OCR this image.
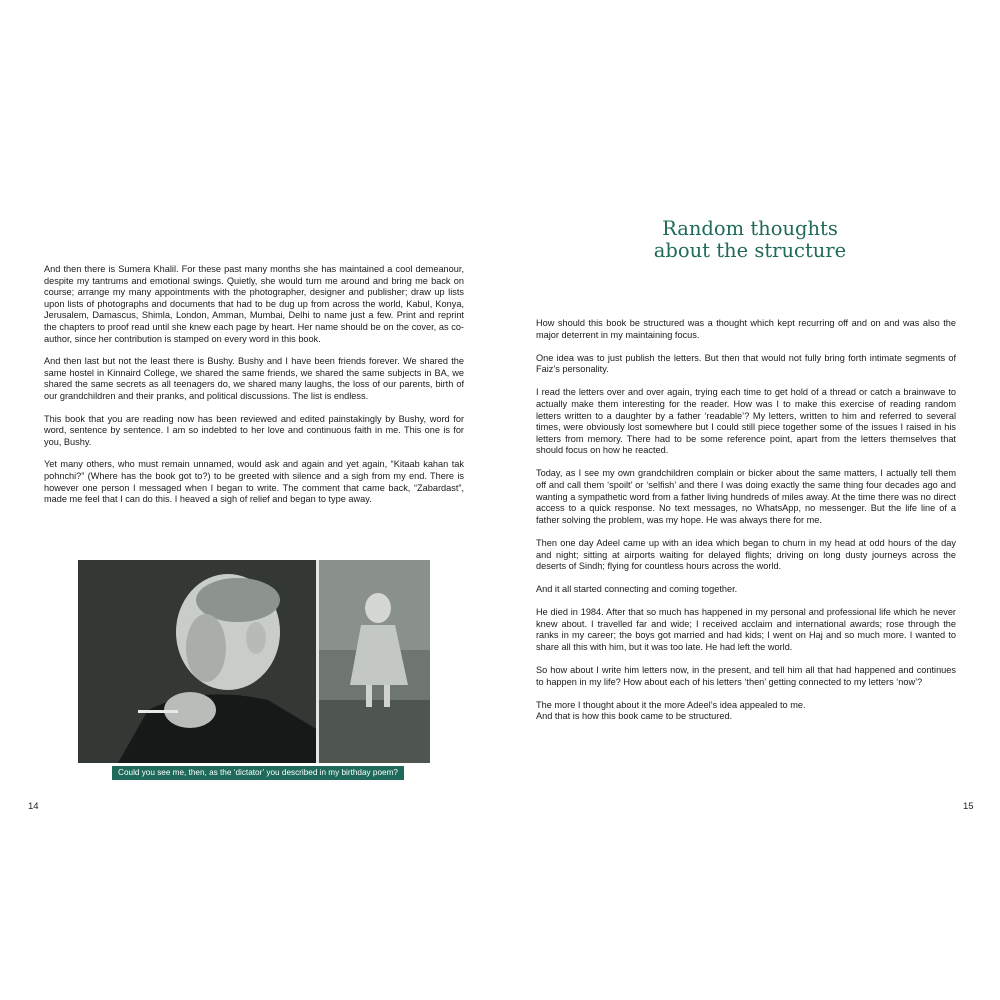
And then there is Sumera Khalil. For these past many months she has maintained a cool demeanour, despite my tantrums and emotional swings. Quietly, she would turn me around and bring me back on course; arrange my many appointments with the photographer, designer and publisher; draw up lists upon lists of photographs and documents that had to be dug up from across the world, Kabul, Konya, Jerusalem, Damascus, Shimla, London, Amman, Mumbai, Delhi to name just a few. Print and reprint the chapters to proof read until she knew each page by heart. Her name should be on the cover, as co-author, since her contribution is stamped on every word in this book.

And then last but not the least there is Bushy. Bushy and I have been friends forever. We shared the same hostel in Kinnaird College, we shared the same friends, we shared the same subjects in BA, we shared the same secrets as all teenagers do, we shared many laughs, the loss of our parents, birth of our grandchildren and their pranks, and political discussions. The list is endless.

This book that you are reading now has been reviewed and edited painstakingly by Bushy, word for word, sentence by sentence. I am so indebted to her love and continuous faith in me. This one is for you, Bushy.

Yet many others, who must remain unnamed, would ask and again and yet again, “Kitaab kahan tak pohnchi?” (Where has the book got to?) to be greeted with silence and a sigh from my end. There is however one person I messaged when I began to write. The comment that came back, “Zabardast”, made me feel that I can do this. I heaved a sigh of relief and began to type away.

Could you see me, then, as the ‘dictator’ you described in my birthday poem?

14
Random thoughts
about the structure

How should this book be structured was a thought which kept recurring off and on and was also the major deterrent in my maintaining focus.

One idea was to just publish the letters. But then that would not fully bring forth intimate segments of Faiz’s personality.

I read the letters over and over again, trying each time to get hold of a thread or catch a brainwave to actually make them interesting for the reader. How was I to make this exercise of reading random letters written to a daughter by a father ‘readable’? My letters, written to him and referred to several times, were obviously lost somewhere but I could still piece together some of the issues I raised in his letters from memory. There had to be some reference point, apart from the letters themselves that should focus on how he reacted.

Today, as I see my own grandchildren complain or bicker about the same matters, I actually tell them off and call them ‘spoilt’ or ‘selfish’ and there I was doing exactly the same thing four decades ago and wanting a sympathetic word from a father living hundreds of miles away. At the time there was no direct access to a quick response. No text messages, no WhatsApp, no messenger. But the life line of a father solving the problem, was my hope. He was always there for me.

Then one day Adeel came up with an idea which began to churn in my head at odd hours of the day and night; sitting at airports waiting for delayed flights; driving on long dusty journeys across the deserts of Sindh; flying for countless hours across the world.

And it all started connecting and coming together.

He died in 1984. After that so much has happened in my personal and professional life which he never knew about. I travelled far and wide; I received acclaim and international awards; rose through the ranks in my career; the boys got married and had kids; I went on Haj and so much more. I wanted to share all this with him, but it was too late. He had left the world.

So how about I write him letters now, in the present, and tell him all that had happened and continues to happen in my life? How about each of his letters ‘then’ getting connected to my letters ‘now’?

The more I thought about it the more Adeel’s idea appealed to me.

And that is how this book came to be structured.

15
